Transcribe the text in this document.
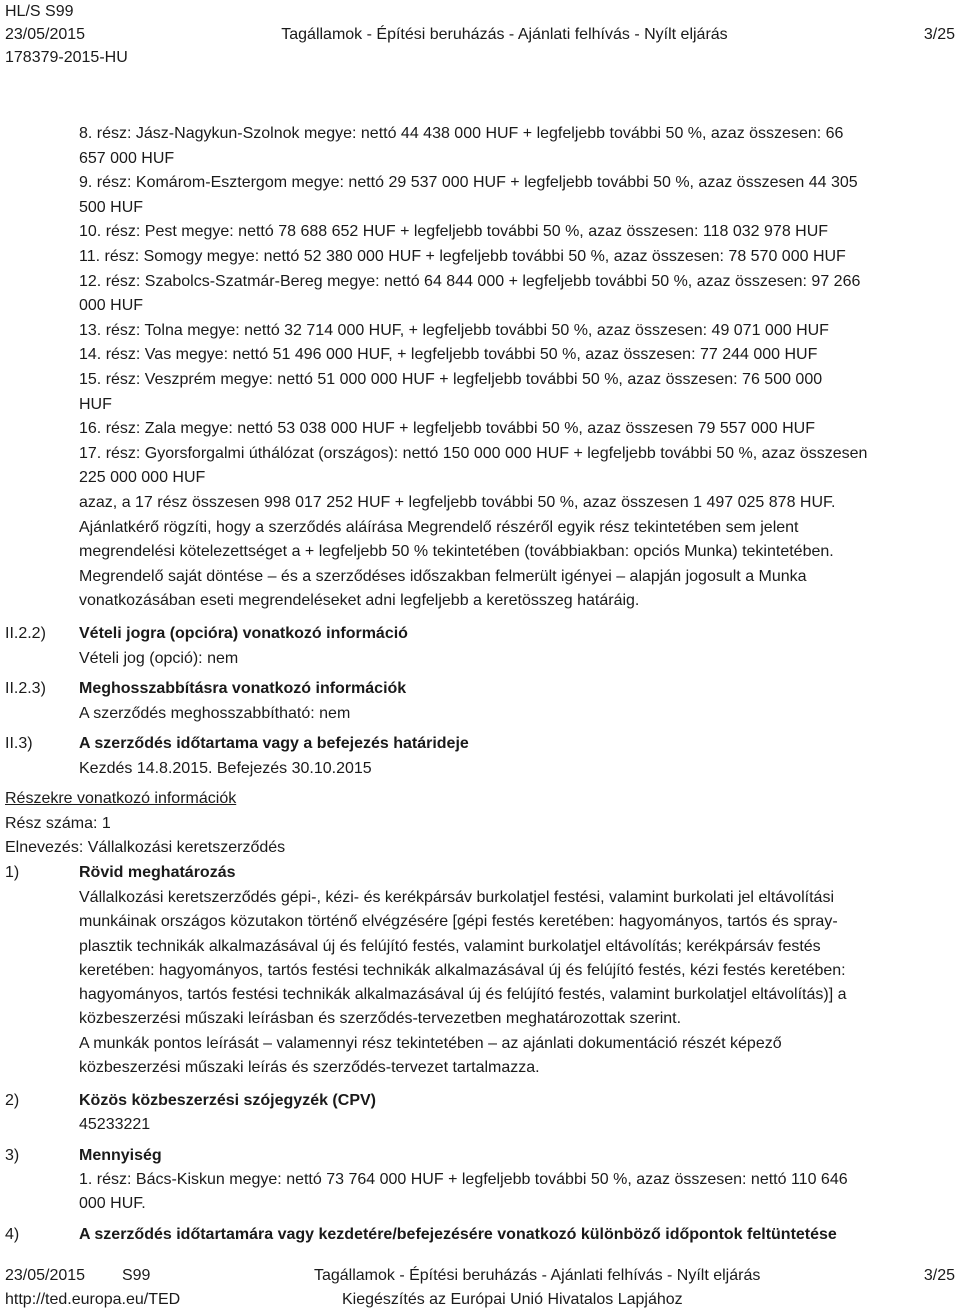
HL/S S99
23/05/2015	Tagállamok - Építési beruházás - Ajánlati felhívás - Nyílt eljárás	3/25
178379-2015-HU

8. rész: Jász-Nagykun-Szolnok megye: nettó 44 438 000 HUF + legfeljebb további 50 %, azaz összesen: 66

657 000 HUF

9. rész: Komárom-Esztergom megye: nettó 29 537 000 HUF + legfeljebb további 50 %, azaz összesen 44 305

500 HUF

10. rész: Pest megye: nettó 78 688 652 HUF + legfeljebb további 50 %, azaz összesen: 118 032 978 HUF

11. rész: Somogy megye: nettó 52 380 000 HUF + legfeljebb további 50 %, azaz összesen: 78 570 000 HUF

12. rész: Szabolcs-Szatmár-Bereg megye: nettó 64 844 000 + legfeljebb további 50 %, azaz összesen: 97 266

000 HUF

13. rész: Tolna megye: nettó 32 714 000 HUF, + legfeljebb további 50 %, azaz összesen: 49 071 000 HUF

14. rész: Vas megye: nettó 51 496 000 HUF, + legfeljebb további 50 %, azaz összesen: 77 244 000 HUF

15. rész: Veszprém megye: nettó 51 000 000 HUF + legfeljebb további 50 %, azaz összesen: 76 500 000

HUF

16. rész: Zala megye: nettó 53 038 000 HUF + legfeljebb további 50 %, azaz összesen 79 557 000 HUF

17. rész: Gyorsforgalmi úthálózat (országos): nettó 150 000 000 HUF + legfeljebb további 50 %, azaz összesen

225 000 000 HUF

azaz, a 17 rész összesen 998 017 252 HUF + legfeljebb további 50 %, azaz összesen 1 497 025 878 HUF.

Ajánlatkérő rögzíti, hogy a szerződés aláírása Megrendelő részéről egyik rész tekintetében sem jelent

megrendelési kötelezettséget a + legfeljebb 50 % tekintetében (továbbiakban: opciós Munka) tekintetében.

Megrendelő saját döntése – és a szerződéses időszakban felmerült igényei – alapján jogosult a Munka

vonatkozásában eseti megrendeléseket adni legfeljebb a keretösszeg határáig.

II.2.2) Vételi jogra (opcióra) vonatkozó információ
Vételi jog (opció): nem
II.2.3) Meghosszabbításra vonatkozó információk
A szerződés meghosszabbítható: nem
II.3)	A szerződés időtartama vagy a befejezés határideje
Kezdés 14.8.2015. Befejezés 30.10.2015
Részekre vonatkozó információk
Rész száma: 1
Elnevezés: Vállalkozási keretszerződés
1)	Rövid meghatározás

Vállalkozási keretszerződés gépi-, kézi- és kerékpársáv burkolatjel festési, valamint burkolati jel eltávolítási

munkáinak országos közutakon történő elvégzésére [gépi festés keretében: hagyományos, tartós és spray-

plasztik technikák alkalmazásával új és felújító festés, valamint burkolatjel eltávolítás; kerékpársáv festés

keretében: hagyományos, tartós festési technikák alkalmazásával új és felújító festés, kézi festés keretében:

hagyományos, tartós festési technikák alkalmazásával új és felújító festés, valamint burkolatjel eltávolítás)] a

közbeszerzési műszaki leírásban és szerződés-tervezetben meghatározottak szerint.

A munkák pontos leírását – valamennyi rész tekintetében – az ajánlati dokumentáció részét képező

közbeszerzési műszaki leírás és szerződés-tervezet tartalmazza.

2)	Közös közbeszerzési szójegyzék (CPV)
45233221
3)	Mennyiség

1. rész: Bács-Kiskun megye: nettó 73 764 000 HUF + legfeljebb további 50 %, azaz összesen: nettó 110 646

000 HUF.

4)	A szerződés időtartamára vagy kezdetére/befejezésére vonatkozó különböző időpontok feltüntetése
23/05/2015 S99	Tagállamok - Építési beruházás - Ajánlati felhívás - Nyílt eljárás	3/25
http://ted.europa.eu/TED	Kiegészítés az Európai Unió Hivatalos Lapjához
